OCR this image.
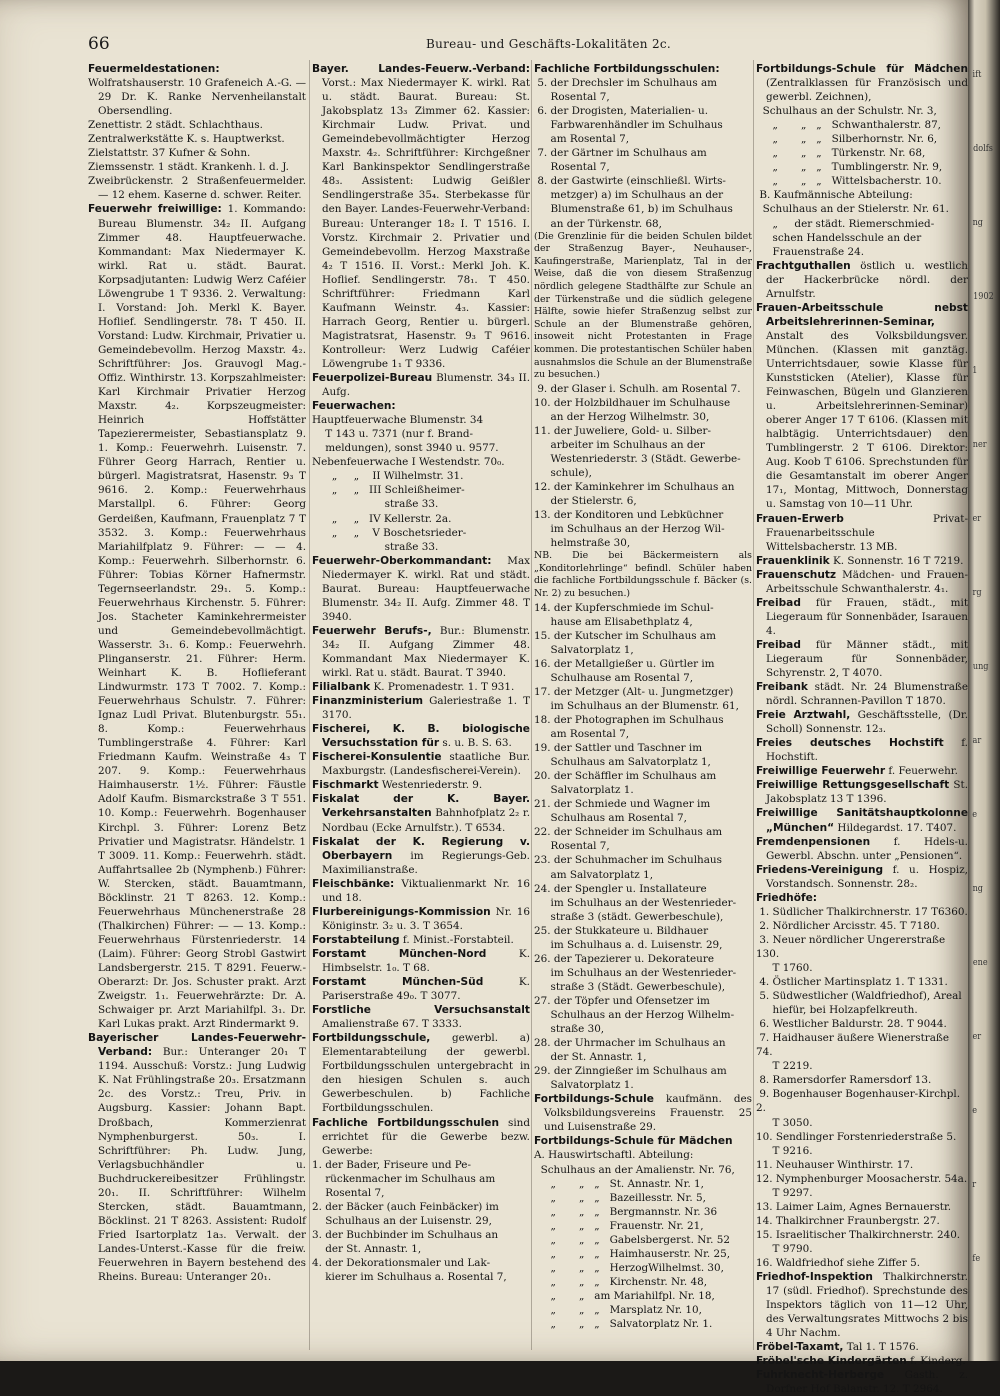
66	Bureau- und Geschäfts-Lokalitäten 2c.

Feuermeldestationen:

Wolfratshauserstr. 10 Grafeneich A.-G. — 29 Dr. K. Ranke Nervenheilanstalt Obersendling.

Zenettistr. 2 städt. Schlachthaus.

Zentralwerkstätte K. s. Hauptwerkst.

Zielstattstr. 37 Kufner & Sohn.

Ziemssenstr. 1 städt. Krankenh. l. d. J.

Zweibrückenstr. 2 Straßenfeuermelder. — 12 ehem. Kaserne d. schwer. Reiter.

Feuerwehr freiwillige: 1. Kommando: Bureau Blumenstr. 34₂ II. Aufgang Zimmer 48. Hauptfeuerwache. Kommandant: Max Niedermayer K. wirkl. Rat u. städt. Baurat. Korpsadjutanten: Ludwig Werz Caféier Löwengrube 1 T 9336. 2. Verwaltung: I. Vorstand: Joh. Merkl K. Bayer. Hoflief. Sendlingerstr. 78₁ T 450. II. Vorstand: Ludw. Kirchmair, Privatier u. Gemeindebevollm. Herzog Maxstr. 4₂. Schriftführer: Jos. Grauvogl Mag.-Offiz. Winthirstr. 13. Korpszahlmeister: Karl Kirchmair Privatier Herzog Maxstr. 4₂. Korpszeugmeister: Heinrich Hoffstätter Tapezierermeister, Sebastiansplatz 9. 1. Komp.: Feuerwehrh. Luisenstr. 7. Führer Georg Harrach, Rentier u. bürgerl. Magistratsrat, Hasenstr. 9₃ T 9616. 2. Komp.: Feuerwehrhaus Marstallpl. 6. Führer: Georg Gerdeißen, Kaufmann, Frauenplatz 7 T 3532. 3. Komp.: Feuerwehrhaus Mariahilfplatz 9. Führer: — — 4. Komp.: Feuerwehrh. Silberhornstr. 6. Führer: Tobias Körner Hafnermstr. Tegernseerlandstr. 29₁. 5. Komp.: Feuerwehrhaus Kirchenstr. 5. Führer: Jos. Stacheter Kaminkehrermeister und Gemeindebevollmächtigt. Wasserstr. 3₁. 6. Komp.: Feuerwehrh. Plinganserstr. 21. Führer: Herm. Weinhart K. B. Hoflieferant Lindwurmstr. 173 T 7002. 7. Komp.: Feuerwehrhaus Schulstr. 7. Führer: Ignaz Ludl Privat. Blutenburgstr. 55₁. 8. Komp.: Feuerwehrhaus Tumblingerstraße 4. Führer: Karl Friedmann Kaufm. Weinstraße 4₃ T 207. 9. Komp.: Feuerwehrhaus Haimhauserstr. 1½. Führer: Fäustle Adolf Kaufm. Bismarckstraße 3 T 551. 10. Komp.: Feuerwehrh. Bogenhauser Kirchpl. 3. Führer: Lorenz Betz Privatier und Magistratsr. Händelstr. 1 T 3009. 11. Komp.: Feuerwehrh. städt. Auffahrtsallee 2b (Nymphenb.) Führer: W. Stercken, städt. Bauamtmann, Böcklinstr. 21 T 8263. 12. Komp.: Feuerwehrhaus Münchenerstraße 28 (Thalkirchen) Führer: — — 13. Komp.: Feuerwehrhaus Fürstenriederstr. 14 (Laim). Führer: Georg Strobl Gastwirt Landsbergerstr. 215. T 8291. Feuerw.-Oberarzt: Dr. Jos. Schuster prakt. Arzt Zweigstr. 1₁. Feuerwehrärzte: Dr. A. Schwaiger pr. Arzt Mariahilfpl. 3₁. Dr. Karl Lukas prakt. Arzt Rindermarkt 9.

Bayerischer Landes-Feuerwehr-Verband: Bur.: Unteranger 20₁ T 1194. Ausschuß: Vorstz.: Jung Ludwig K. Nat Frühlingstraße 20₃. Ersatzmann 2c. des Vorstz.: Treu, Priv. in Augsburg. Kassier: Johann Bapt. Droßbach, Kommerzienrat Nymphenburgerst. 50₃. I. Schriftführer: Ph. Ludw. Jung, Verlagsbuchhändler u. Buchdruckereibesitzer Frühlingstr. 20₁. II. Schriftführer: Wilhelm Stercken, städt. Bauamtmann, Böcklinst. 21 T 8263. Assistent: Rudolf Fried Isartorplatz 1a₃. Verwalt. der Landes-Unterst.-Kasse für die freiw. Feuerwehren in Bayern bestehend des Rheins. Bureau: Unteranger 20₁.

Bayer. Landes-Feuerw.-Verband: Vorst.: Max Niedermayer K. wirkl. Rat u. städt. Baurat. Bureau: St. Jakobsplatz 13₃ Zimmer 62. Kassier: Kirchmair Ludw. Privat. und Gemeindebevollmächtigter Herzog Maxstr. 4₂. Schriftführer: Kirchgeßner Karl Bankinspektor Sendlingerstraße 48₃. Assistent: Ludwig Geißler Sendlingerstraße 35₄. Sterbekasse für den Bayer. Landes-Feuerwehr-Verband: Bureau: Unteranger 18₂ I. T 1516. I. Vorstz. Kirchmair 2. Privatier und Gemeindebevollm. Herzog Maxstraße 4₂ T 1516. II. Vorst.: Merkl Joh. K. Hoflief. Sendlingerstr. 78₁. T 450. Schriftführer: Friedmann Karl Kaufmann Weinstr. 4₃. Kassier: Harrach Georg, Rentier u. bürgerl. Magistratsrat, Hasenstr. 9₃ T 9616. Kontrolleur: Werz Ludwig Caféier Löwengrube 1₁ T 9336.

Feuerpolizei-Bureau Blumenstr. 34₃ II. Aufg.

Feuerwachen:

Hauptfeuerwache Blumenstr. 34
T 143 u. 7371 (nur f. Brand-
meldungen), sonst 3940 u. 9577.
Nebenfeuerwache I Westendstr. 70₀.
„     „    II Wilhelmstr. 31.
„     „   III Schleißheimer-
straße 33.
„     „   IV Kellerstr. 2a.
„     „    V Boschetsrieder-
straße 33.

Feuerwehr-Oberkommandant: Max Niedermayer K. wirkl. Rat und städt. Baurat. Bureau: Hauptfeuerwache Blumenstr. 34₂ II. Aufg. Zimmer 48. T 3940.

Feuerwehr Berufs-, Bur.: Blumenstr. 34₂ II. Aufgang Zimmer 48. Kommandant Max Niedermayer K. wirkl. Rat u. städt. Baurat. T 3940.

Filialbank K. Promenadestr. 1. T 931.

Finanzministerium Galeriestraße 1. T 3170.

Fischerei, K. B. biologische Versuchsstation für s. u. B. S. 63.

Fischerei-Konsulentie staatliche Bur. Maxburgstr. (Landesfischerei-Verein).

Fischmarkt Westenriederstr. 9.

Fiskalat der K. Bayer. Verkehrsanstalten Bahnhofplatz 2₂ r. Nordbau (Ecke Arnulfstr.). T 6534.

Fiskalat der K. Regierung v. Oberbayern im Regierungs-Geb. Maximilianstraße.

Fleischbänke: Viktualienmarkt Nr. 16 und 18.

Flurbereinigungs-Kommission Nr. 16 Königinstr. 3₂ u. 3. T 3654.

Forstabteilung f. Minist.-Forstabteil.

Forstamt München-Nord K. Himbselstr. 1₀. T 68.

Forstamt München-Süd K. Pariserstraße 49₀. T 3077.

Forstliche Versuchsanstalt Amalienstraße 67. T 3333.

Fortbildungsschule, gewerbl. a) Elementarabteilung der gewerbl. Fortbildungsschulen untergebracht in den hiesigen Schulen s. auch Gewerbeschulen. b) Fachliche Fortbildungsschulen.

Fachliche Fortbildungsschulen sind errichtet für die Gewerbe bezw. Gewerbe:

1. der Bader, Friseure und Pe-
rückenmacher im Schulhaus am
Rosental 7,
2. der Bäcker (auch Feinbäcker) im
Schulhaus an der Luisenstr. 29,
3. der Buchbinder im Schulhaus an
der St. Annastr. 1,
4. der Dekorationsmaler und Lak-
kierer im Schulhaus a. Rosental 7,

Fachliche Fortbildungsschulen:

5. der Drechsler im Schulhaus am
Rosental 7,
6. der Drogisten, Materialien- u.
Farbwarenhändler im Schulhaus
am Rosental 7,
7. der Gärtner im Schulhaus am
Rosental 7,
8. der Gastwirte (einschließl. Wirts-
metzger) a) im Schulhaus an der
Blumenstraße 61, b) im Schulhaus
an der Türkenstr. 68,

(Die Grenzlinie für die beiden Schulen bildet der Straßenzug Bayer-, Neuhauser-, Kaufingerstraße, Marienplatz, Tal in der Weise, daß die von diesem Straßenzug nördlich gelegene Stadthälfte zur Schule an der Türkenstraße und die südlich gelegene Hälfte, sowie hiefer Straßenzug selbst zur Schule an der Blumenstraße gehören, insoweit nicht Protestanten in Frage kommen. Die protestantischen Schüler haben ausnahmslos die Schule an der Blumenstraße zu besuchen.)

9. der Glaser i. Schulh. am Rosental 7.
10. der Holzbildhauer im Schulhause
an der Herzog Wilhelmstr. 30,
11. der Juweliere, Gold- u. Silber-
arbeiter im Schulhaus an der
Westenriederstr. 3 (Städt. Gewerbe-
schule),
12. der Kaminkehrer im Schulhaus an
der Stielerstr. 6,
13. der Konditoren und Lebküchner
im Schulhaus an der Herzog Wil-
helmstraße 30,

NB. Die bei Bäckermeistern als „Konditorlehrlinge“ befindl. Schüler haben die fachliche Fortbildungsschule f. Bäcker (s. Nr. 2) zu besuchen.)

14. der Kupferschmiede im Schul-
hause am Elisabethplatz 4,
15. der Kutscher im Schulhaus am
Salvatorplatz 1,
16. der Metallgießer u. Gürtler im
Schulhause am Rosental 7,
17. der Metzger (Alt- u. Jungmetzger)
im Schulhaus an der Blumenstr. 61,
18. der Photographen im Schulhaus
am Rosental 7,
19. der Sattler und Taschner im
Schulhaus am Salvatorplatz 1,
20. der Schäffler im Schulhaus am
Salvatorplatz 1.
21. der Schmiede und Wagner im
Schulhaus am Rosental 7,
22. der Schneider im Schulhaus am
Rosental 7,
23. der Schuhmacher im Schulhaus
am Salvatorplatz 1,
24. der Spengler u. Installateure
im Schulhaus an der Westenrieder-
straße 3 (städt. Gewerbeschule),
25. der Stukkateure u. Bildhauer
im Schulhaus a. d. Luisenstr. 29,
26. der Tapezierer u. Dekorateure
im Schulhaus an der Westenrieder-
straße 3 (Städt. Gewerbeschule),
27. der Töpfer und Ofensetzer im
Schulhaus an der Herzog Wilhelm-
straße 30,
28. der Uhrmacher im Schulhaus an
der St. Annastr. 1,
29. der Zinngießer im Schulhaus am
Salvatorplatz 1.

Fortbildungs-Schule kaufmänn. des Volksbildungsvereins Frauenstr. 25 und Luisenstraße 29.

Fortbildungs-Schule für Mädchen

A. Hauswirtschaftl. Abteilung:
Schulhaus an der Amalienstr. Nr. 76,
„       „   „   St. Annastr. Nr. 1,
„       „   „   Bazeillesstr. Nr. 5,
„       „   „   Bergmannstr. Nr. 36
„       „   „   Frauenstr. Nr. 21,
„       „   „   Gabelsbergerst. Nr. 52
„       „   „   Haimhauserstr. Nr. 25,
„       „   „   HerzogWilhelmst. 30,
„       „   „   Kirchenstr. Nr. 48,
„       „   am Mariahilfpl. Nr. 18,
„       „   „   Marsplatz Nr. 10,
„       „   „   Salvatorplatz Nr. 1.

Fortbildungs-Schule für Mädchen (Zentralklassen für Französisch und gewerbl. Zeichnen),

Schulhaus an der Schulstr. Nr. 3,
„       „   „   Schwanthalerstr. 87,
„       „   „   Silberhornstr. Nr. 6,
„       „   „   Türkenstr. Nr. 68,
„       „   „   Tumblingerstr. Nr. 9,
„       „   „   Wittelsbacherstr. 10.
B. Kaufmännische Abteilung:
Schulhaus an der Stielerstr. Nr. 61.
„     der städt. Riemerschmied-
schen Handelsschule an der
Frauenstraße 24.

Frachtguthallen östlich u. westlich der Hackerbrücke nördl. der Arnulfstr.

Frauen-Arbeitsschule nebst Arbeitslehrerinnen-Seminar, Anstalt des Volksbildungsver. München. (Klassen mit ganztäg. Unterrichtsdauer, sowie Klasse für Kunststicken (Atelier), Klasse für Feinwaschen, Bügeln und Glanzieren u. Arbeitslehrerinnen-Seminar) oberer Anger 17 T 6106. (Klassen mit halbtägig. Unterrichtsdauer) den Tumblingerstr. 2 T 6106. Direktor: Aug. Koob T 6106. Sprechstunden für die Gesamtanstalt im oberer Anger 17₁, Montag, Mittwoch, Donnerstag u. Samstag von 10—11 Uhr.

Frauen-Erwerb Privat-Frauenarbeitsschule Wittelsbacherstr. 13 MB.

Frauenklinik K. Sonnenstr. 16 T 7219.

Frauenschutz Mädchen- und Frauen-Arbeitsschule Schwanthalerstr. 4₁.

Freibad für Frauen, städt., mit Liegeraum für Sonnenbäder, Isarauen 4.

Freibad für Männer städt., mit Liegeraum für Sonnenbäder, Schyrenstr. 2, T 4070.

Freibank städt. Nr. 24 Blumenstraße nördl. Schrannen-Pavillon T 1870.

Freie Arztwahl, Geschäftsstelle, (Dr. Scholl) Sonnenstr. 12₃.

Freies deutsches Hochstift f. Hochstift.

Freiwillige Feuerwehr f. Feuerwehr.

Freiwillige Rettungsgesellschaft St. Jakobsplatz 13 T 1396.

Freiwillige Sanitätshauptkolonne „München“ Hildegardst. 17. T407.

Fremdenpensionen f. Hdels-u. Gewerbl. Abschn. unter „Pensionen“.

Friedens-Vereinigung f. u. Hospiz, Vorstandsch. Sonnenstr. 28₂.

Friedhöfe:

1. Südlicher Thalkirchnerstr. 17 T6360.
2. Nördlicher Arcisstr. 45. T 7180.
3. Neuer nördlicher Ungererstraße 130.
T 1760.
4. Östlicher Martinsplatz 1. T 1331.
5. Südwestlicher (Waldfriedhof), Areal
hiefür, bei Holzapfelkreuth.
6. Westlicher Baldurstr. 28. T 9044.
7. Haidhauser äußere Wienerstraße 74.
T 2219.
8. Ramersdorfer Ramersdorf 13.
9. Bogenhauser Bogenhauser-Kirchpl. 2.
T 3050.
10. Sendlinger Forstenriederstraße 5.
T 9216.
11. Neuhauser Winthirstr. 17.
12. Nymphenburger Moosacherstr. 54a.
T 9297.
13. Laimer Laim, Agnes Bernauerstr.
14. Thalkirchner Fraunbergstr. 27.
15. Israelitischer Thalkirchnerstr. 240.
T 9790.
16. Waldfriedhof siehe Ziffer 5.

Friedhof-Inspektion Thalkirchnerstr. 17 (südl. Friedhof). Sprechstunde des Inspektors täglich von 11—12 Uhr, des Verwaltungsrates Mittwochs 2 bis 4 Uhr Nachm.

Fröbel-Taxamt, Tal 1. T 1576.

Fröbel'sche Kindergärten f. Kinderg.

Fuhrknecht-Herberge Gasth. z. Dorfner Hof Balanstr. 12. T 2964.

ift
dolfs
ng
1902
1
ner
er
rg
ung
ar
e
ng
ene
er
e
r
fe
